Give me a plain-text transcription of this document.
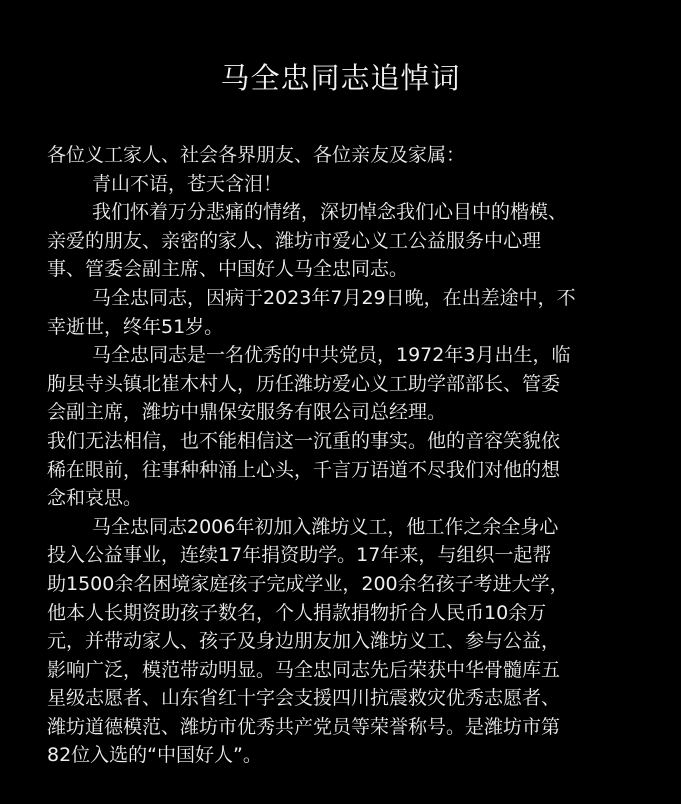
马全忠同志追悼词

各位义工家人、社会各界朋友、各位亲友及家属：

青山不语，苍天含泪！

我们怀着万分悲痛的情绪，深切悼念我们心目中的楷模、

亲爱的朋友、亲密的家人、潍坊市爱心义工公益服务中心理

事、管委会副主席、中国好人马全忠同志。

马全忠同志，因病于2023年7月29日晚，在出差途中，不

幸逝世，终年51岁。

马全忠同志是一名优秀的中共党员，1972年3月出生，临

朐县寺头镇北崔木村人，历任潍坊爱心义工助学部部长、管委

会副主席，潍坊中鼎保安服务有限公司总经理。

我们无法相信，也不能相信这一沉重的事实。他的音容笑貌依

稀在眼前，往事种种涌上心头，千言万语道不尽我们对他的想

念和哀思。

马全忠同志2006年初加入潍坊义工，他工作之余全身心

投入公益事业，连续17年捐资助学。17年来，与组织一起帮

助1500余名困境家庭孩子完成学业，200余名孩子考进大学，

他本人长期资助孩子数名，个人捐款捐物折合人民币10余万

元，并带动家人、孩子及身边朋友加入潍坊义工、参与公益，

影响广泛，模范带动明显。马全忠同志先后荣获中华骨髓库五

星级志愿者、山东省红十字会支援四川抗震救灾优秀志愿者、

潍坊道德模范、潍坊市优秀共产党员等荣誉称号。是潍坊市第

82位入选的“中国好人”。
